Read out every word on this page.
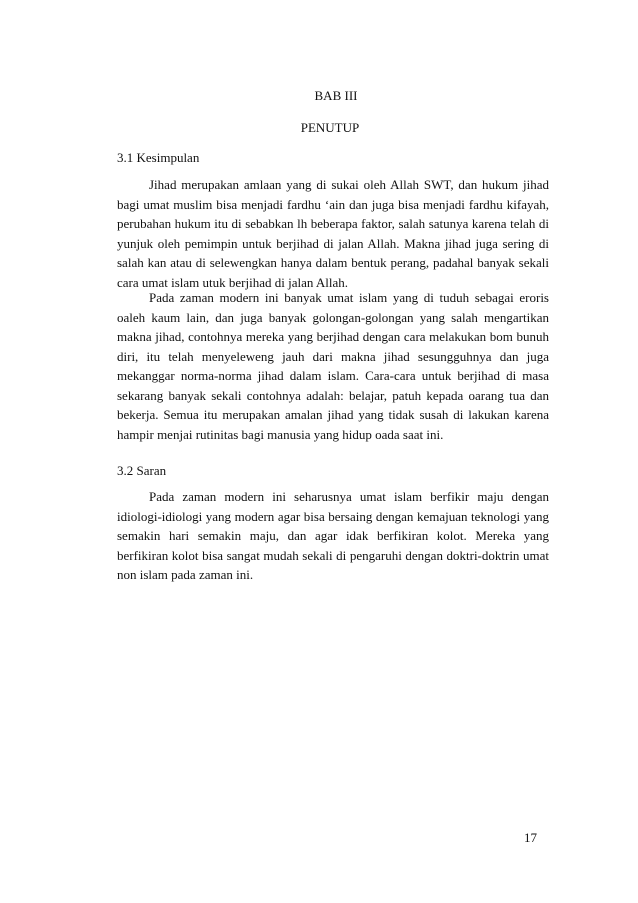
BAB III
PENUTUP
3.1 Kesimpulan

Jihad merupakan amlaan yang di sukai oleh Allah SWT, dan hukum jihad bagi umat muslim bisa menjadi fardhu ‘ain dan juga bisa menjadi fardhu kifayah, perubahan hukum itu di sebabkan lh beberapa faktor, salah satunya karena telah di yunjuk oleh pemimpin untuk berjihad di jalan Allah. Makna jihad juga sering di salah kan atau di selewengkan hanya dalam bentuk perang, padahal banyak sekali cara umat islam utuk berjihad di jalan Allah.

Pada zaman modern ini banyak umat islam yang di tuduh sebagai eroris oaleh kaum lain, dan juga banyak golongan-golongan yang salah mengartikan makna jihad, contohnya mereka yang berjihad dengan cara melakukan bom bunuh diri, itu telah menyeleweng jauh dari makna jihad sesungguhnya dan juga mekanggar norma-norma jihad dalam islam. Cara-cara untuk berjihad di masa sekarang banyak sekali contohnya adalah: belajar, patuh kepada oarang tua dan bekerja. Semua itu merupakan amalan jihad yang tidak susah di lakukan karena hampir menjai rutinitas bagi manusia yang hidup oada saat ini.

3.2 Saran

Pada zaman modern ini seharusnya umat islam berfikir maju dengan idiologi-idiologi yang modern agar bisa bersaing dengan kemajuan teknologi yang semakin hari semakin maju, dan agar idak berfikiran kolot. Mereka yang berfikiran kolot bisa sangat mudah sekali di pengaruhi dengan doktri-doktrin umat non islam pada zaman ini.

17
